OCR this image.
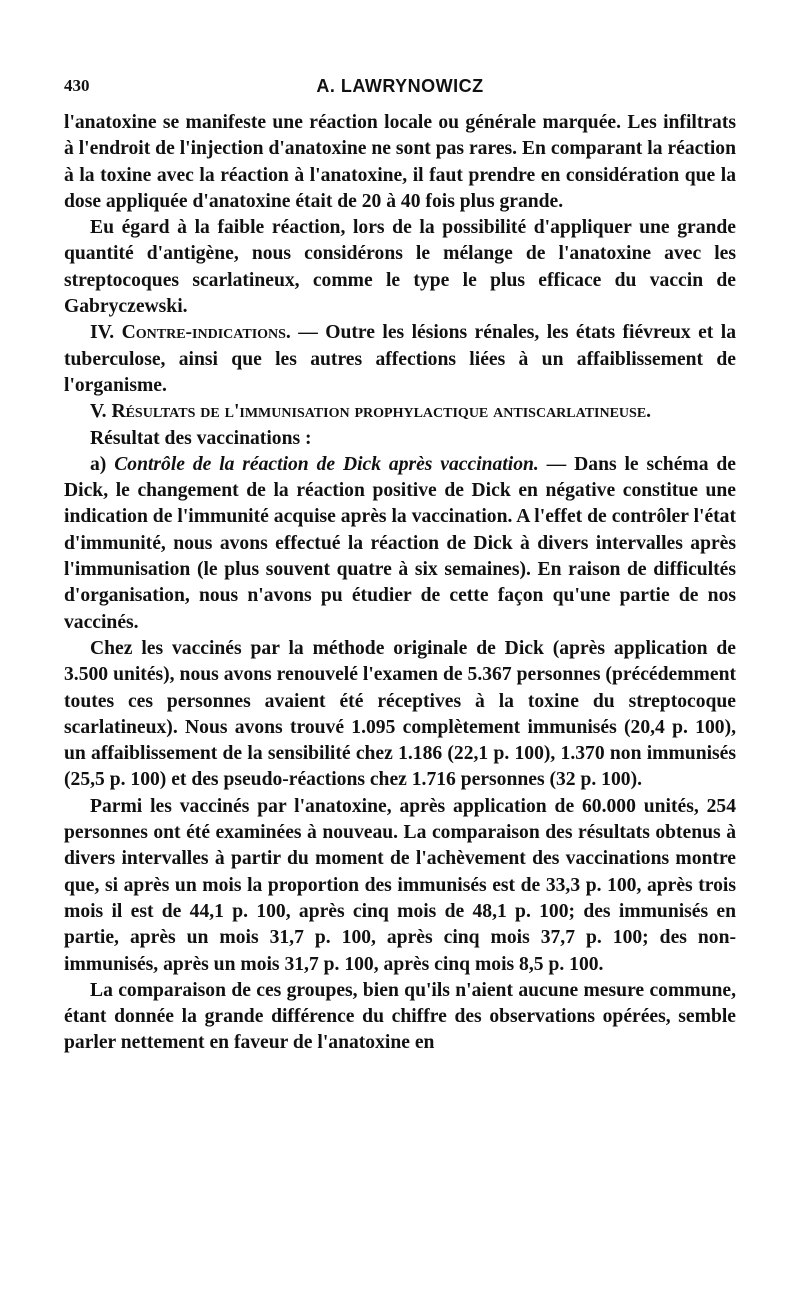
430	A. LAWRYNOWICZ

l'anatoxine se manifeste une réaction locale ou générale marquée. Les infiltrats à l'endroit de l'injection d'anatoxine ne sont pas rares. En comparant la réaction à la toxine avec la réaction à l'anatoxine, il faut prendre en considération que la dose appliquée d'anatoxine était de 20 à 40 fois plus grande.

Eu égard à la faible réaction, lors de la possibilité d'appliquer une grande quantité d'antigène, nous considérons le mélange de l'anatoxine avec les streptocoques scarlatineux, comme le type le plus efficace du vaccin de Gabryczewski.

IV. Contre-indications. — Outre les lésions rénales, les états fiévreux et la tuberculose, ainsi que les autres affections liées à un affaiblissement de l'organisme.

V. Résultats de l'immunisation prophylactique antiscarlatineuse.

Résultat des vaccinations :

a) Contrôle de la réaction de Dick après vaccination. — Dans le schéma de Dick, le changement de la réaction positive de Dick en négative constitue une indication de l'immunité acquise après la vaccination. A l'effet de contrôler l'état d'immunité, nous avons effectué la réaction de Dick à divers intervalles après l'immunisation (le plus souvent quatre à six semaines). En raison de difficultés d'organisation, nous n'avons pu étudier de cette façon qu'une partie de nos vaccinés.

Chez les vaccinés par la méthode originale de Dick (après application de 3.500 unités), nous avons renouvelé l'examen de 5.367 personnes (précédemment toutes ces personnes avaient été réceptives à la toxine du streptocoque scarlatineux). Nous avons trouvé 1.095 complètement immunisés (20,4 p. 100), un affaiblissement de la sensibilité chez 1.186 (22,1 p. 100), 1.370 non immunisés (25,5 p. 100) et des pseudo-réactions chez 1.716 personnes (32 p. 100).

Parmi les vaccinés par l'anatoxine, après application de 60.000 unités, 254 personnes ont été examinées à nouveau. La comparaison des résultats obtenus à divers intervalles à partir du moment de l'achèvement des vaccinations montre que, si après un mois la proportion des immunisés est de 33,3 p. 100, après trois mois il est de 44,1 p. 100, après cinq mois de 48,1 p. 100; des immunisés en partie, après un mois 31,7 p. 100, après cinq mois 37,7 p. 100; des non-immunisés, après un mois 31,7 p. 100, après cinq mois 8,5 p. 100.

La comparaison de ces groupes, bien qu'ils n'aient aucune mesure commune, étant donnée la grande différence du chiffre des observations opérées, semble parler nettement en faveur de l'anatoxine en
